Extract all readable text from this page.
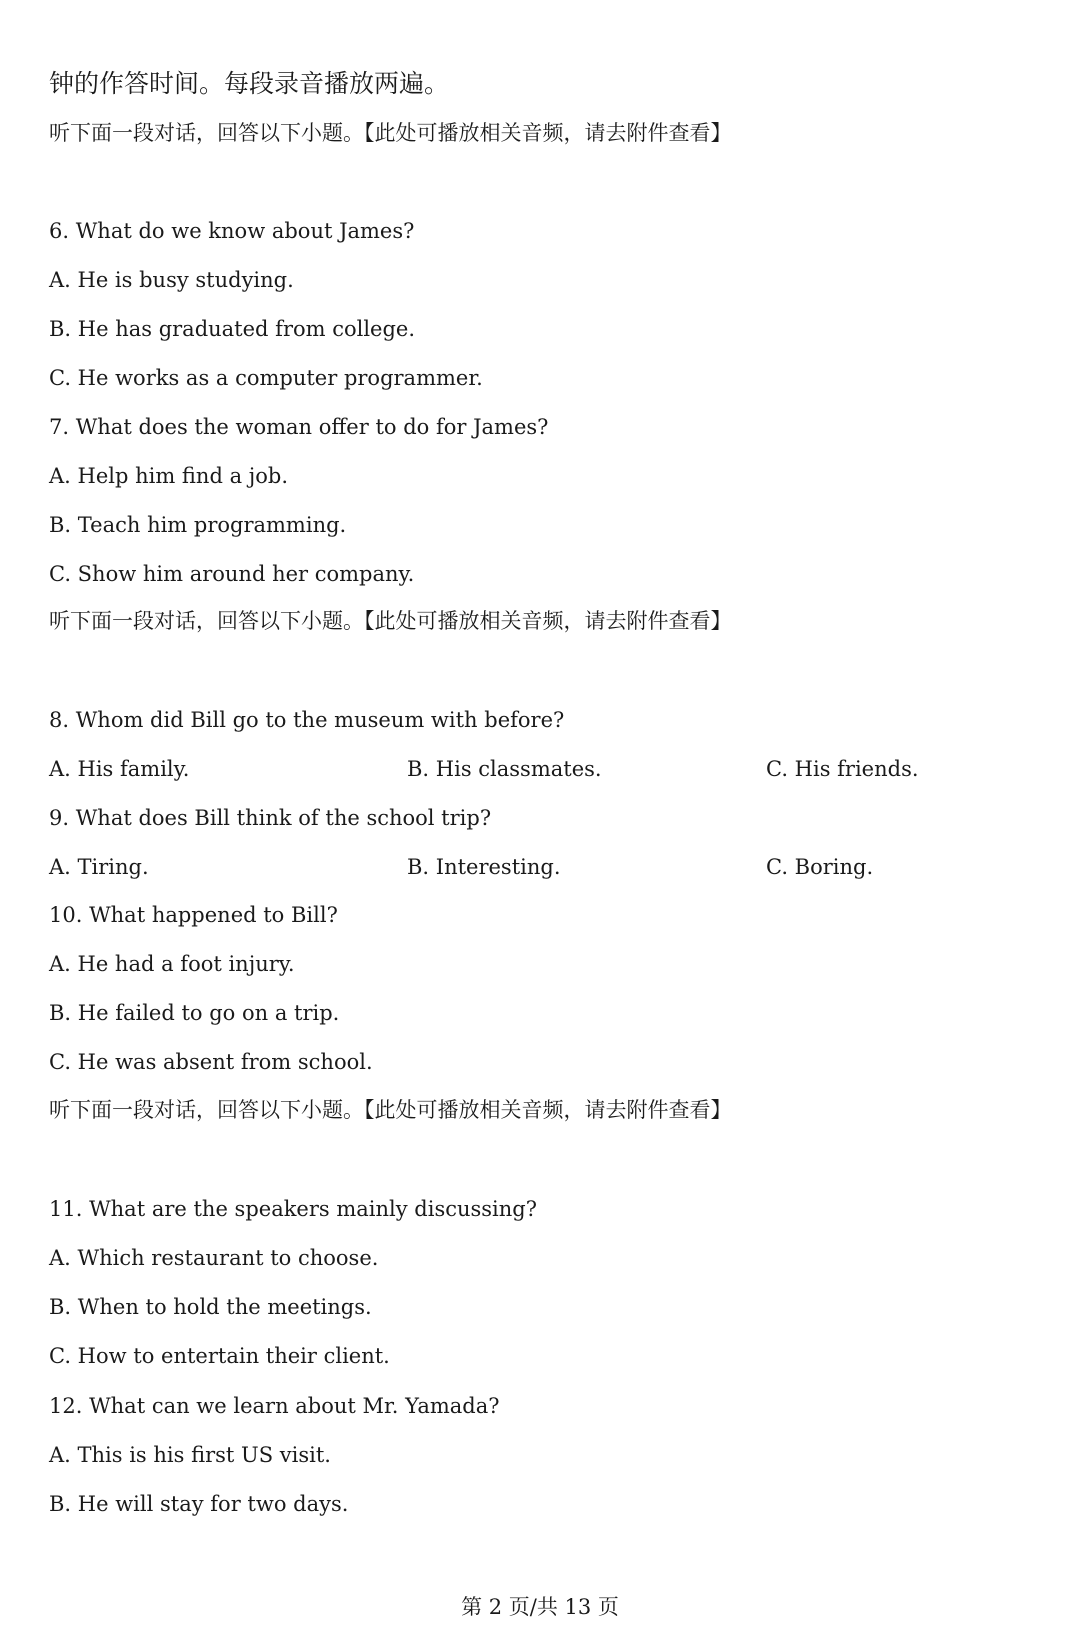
钟的作答时间。每段录音播放两遍。
听下面一段对话，回答以下小题。【此处可播放相关音频，请去附件查看】
6. What do we know about James?
A. He is busy studying.
B. He has graduated from college.
C. He works as a computer programmer.
7. What does the woman offer to do for James?
A. Help him find a job.
B. Teach him programming.
C. Show him around her company.
听下面一段对话，回答以下小题。【此处可播放相关音频，请去附件查看】
8. Whom did Bill go to the museum with before?
A. His family.	B. His classmates.	C. His friends.
9. What does Bill think of the school trip?
A. Tiring.	B. Interesting.	C. Boring.
10. What happened to Bill?
A. He had a foot injury.
B. He failed to go on a trip.
C. He was absent from school.
听下面一段对话，回答以下小题。【此处可播放相关音频，请去附件查看】
11. What are the speakers mainly discussing?
A. Which restaurant to choose.
B. When to hold the meetings.
C. How to entertain their client.
12. What can we learn about Mr. Yamada?
A. This is his first US visit.
B. He will stay for two days.
第 2 页/共 13 页
